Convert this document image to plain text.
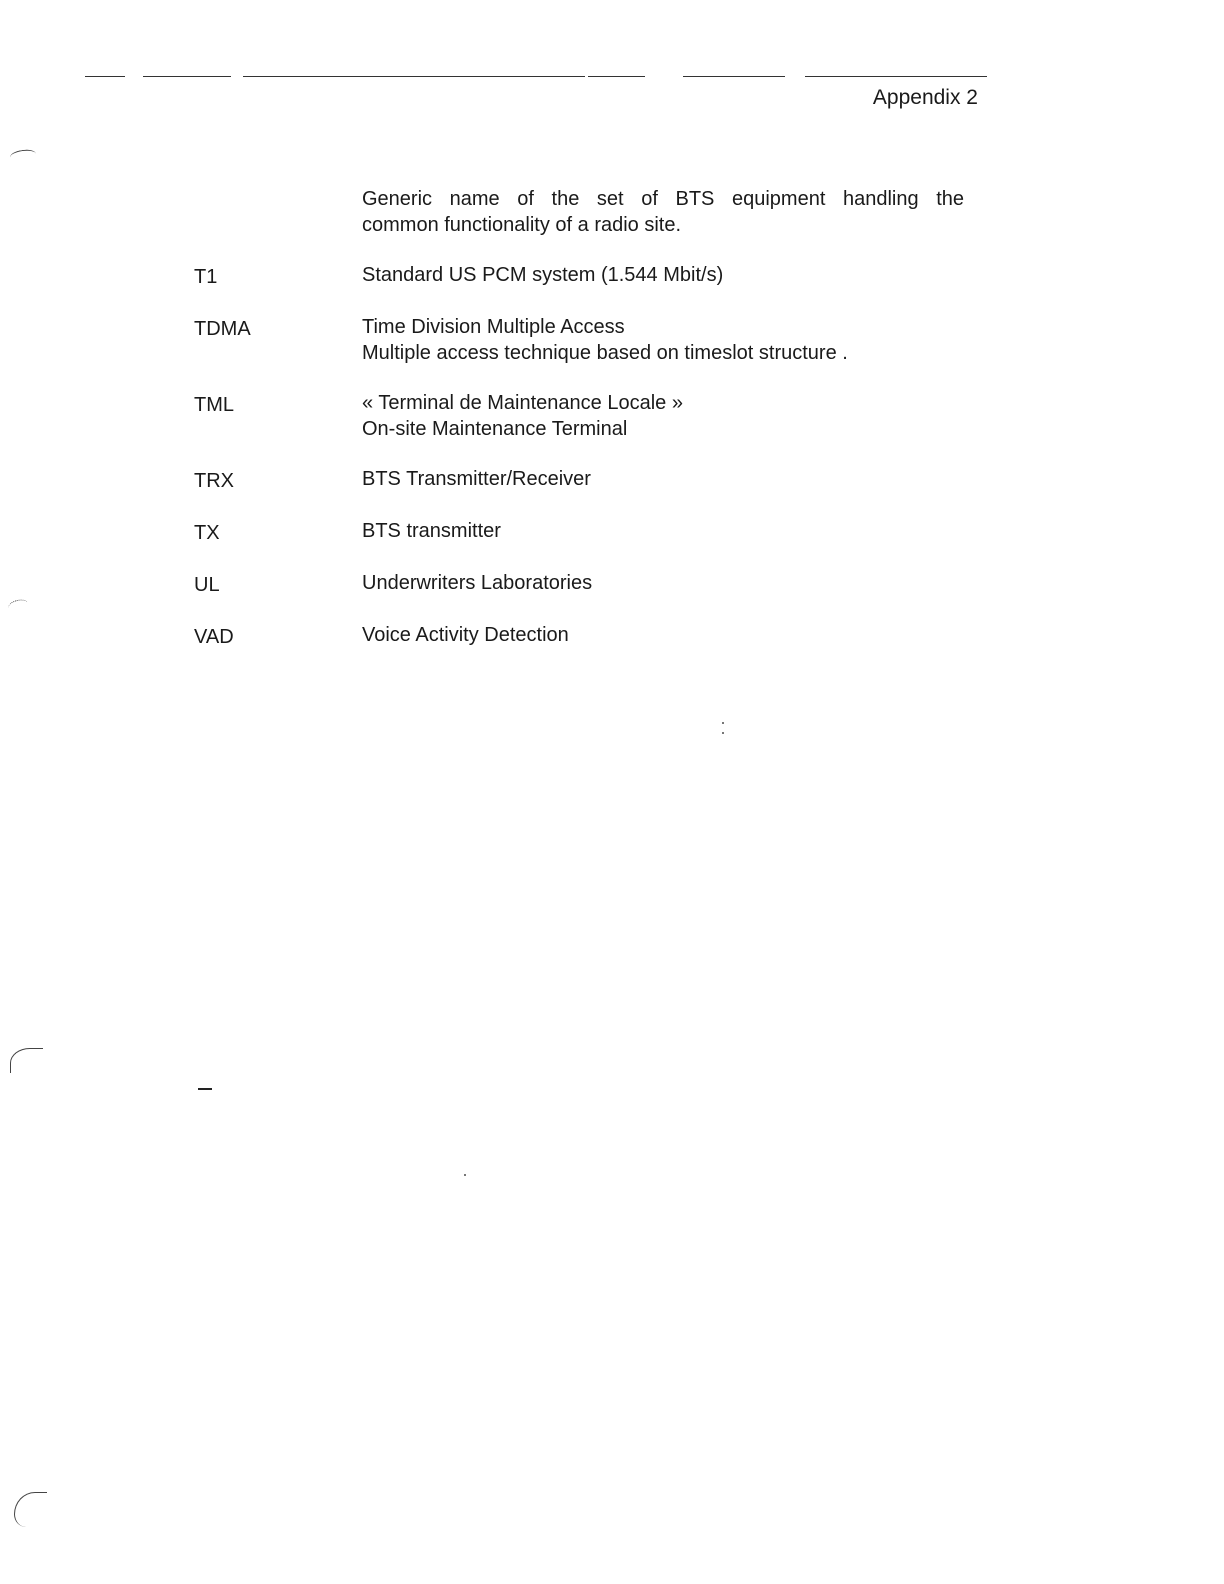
Appendix 2
Generic name of the set of BTS equipment handling the
common functionality of a radio site.
T1	Standard US PCM system (1.544 Mbit/s)
TDMA	Time Division Multiple Access
Multiple access technique based on timeslot structure .
TML	« Terminal de Maintenance Locale »
On-site Maintenance Terminal
TRX	BTS Transmitter/Receiver
TX	BTS transmitter
UL	Underwriters Laboratories
VAD	Voice Activity Detection
